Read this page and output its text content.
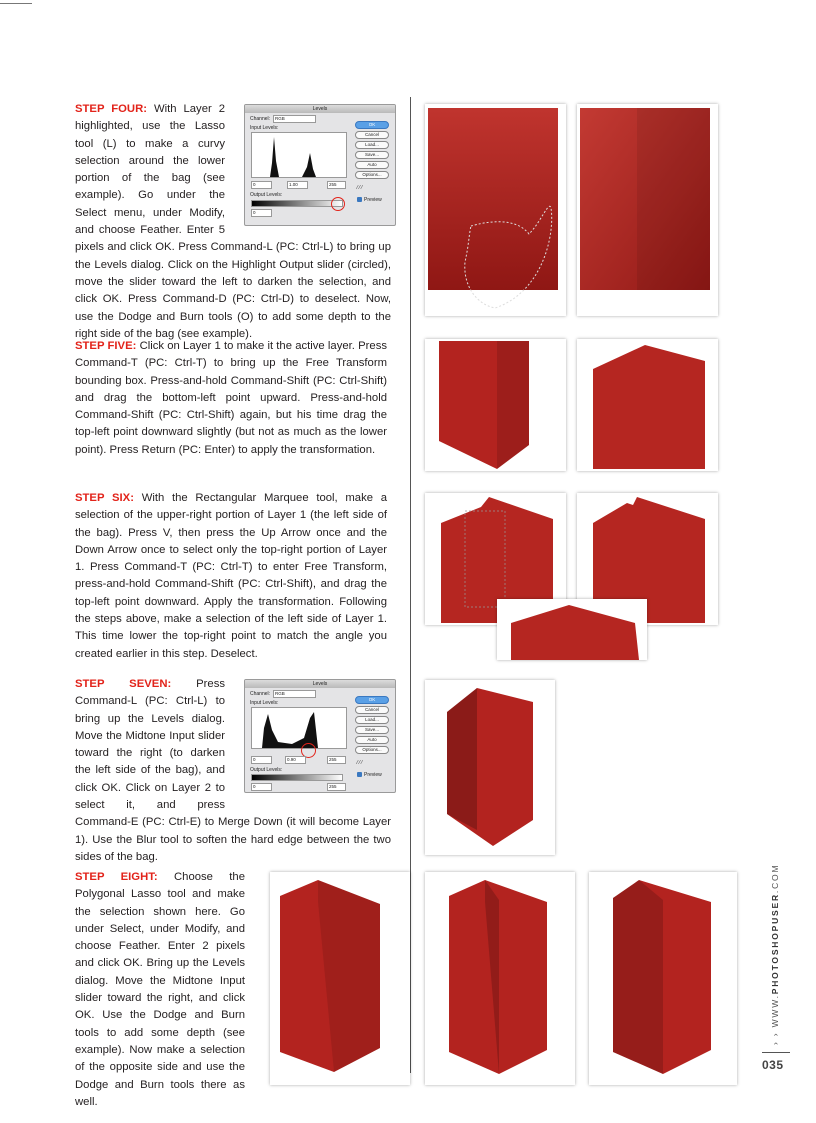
Levels
Channel:	RGB
Input Levels:
0	1.00	255
Output Levels:
0
OK
Cancel
Load...
Save...
Auto
Options...
⁄ ⁄ ⁄
Preview

STEP FOUR: With Layer 2 highlighted, use the Lasso tool (L) to make a curvy selection around the lower portion of the bag (see example). Go under the Select menu, under Modify, and choose Feather. Enter 5 pixels and click OK. Press Command-L (PC: Ctrl-L) to bring up the Levels dialog. Click on the Highlight Output slider (circled), move the slider toward the left to darken the selection, and click OK. Press Command-D (PC: Ctrl-D) to deselect. Now, use the Dodge and Burn tools (O) to add some depth to the right side of the bag (see example).

STEP FIVE: Click on Layer 1 to make it the active layer. Press Command-T (PC: Ctrl-T) to bring up the Free Transform bounding box. Press-and-hold Command-Shift (PC: Ctrl-Shift) and drag the bottom-left point upward. Press-and-hold Command-Shift (PC: Ctrl-Shift) again, but his time drag the top-left point downward slightly (but not as much as the lower point). Press Return (PC: Enter) to apply the transformation.

STEP SIX: With the Rectangular Marquee tool, make a selection of the upper-right portion of Layer 1 (the left side of the bag). Press V, then press the Up Arrow once and the Down Arrow once to select only the top-right portion of Layer 1. Press Command-T (PC: Ctrl-T) to enter Free Transform, press-and-hold Command-Shift (PC: Ctrl-Shift), and drag the top-left point downward. Apply the transformation. Following the steps above, make a selection of the left side of Layer 1. This time lower the top-right point to match the angle you created earlier in this step. Deselect.

Levels
Channel:	RGB
Input Levels:
0	0.90	255
Output Levels:
0	255
OK
Cancel
Load...
Save...
Auto
Options...
⁄ ⁄ ⁄
Preview

STEP SEVEN: Press Command-L (PC: Ctrl-L) to bring up the Levels dialog. Move the Midtone Input slider toward the right (to darken the left side of the bag), and click OK. Click on Layer 2 to select it, and press Command-E (PC: Ctrl-E) to Merge Down (it will become Layer 1). Use the Blur tool to soften the hard edge between the two sides of the bag.

STEP EIGHT: Choose the Polygonal Lasso tool and make the selection shown here. Go under Select, under Modify, and choose Feather. Enter 2 pixels and click OK. Bring up the Levels dialog. Move the Midtone Input slider toward the right, and click OK. Use the Dodge and Burn tools to add some depth (see example). Now make a selection of the opposite side and use the Dodge and Burn tools there as well.

› › WWW.PHOTOSHOPUSER.COM
035
